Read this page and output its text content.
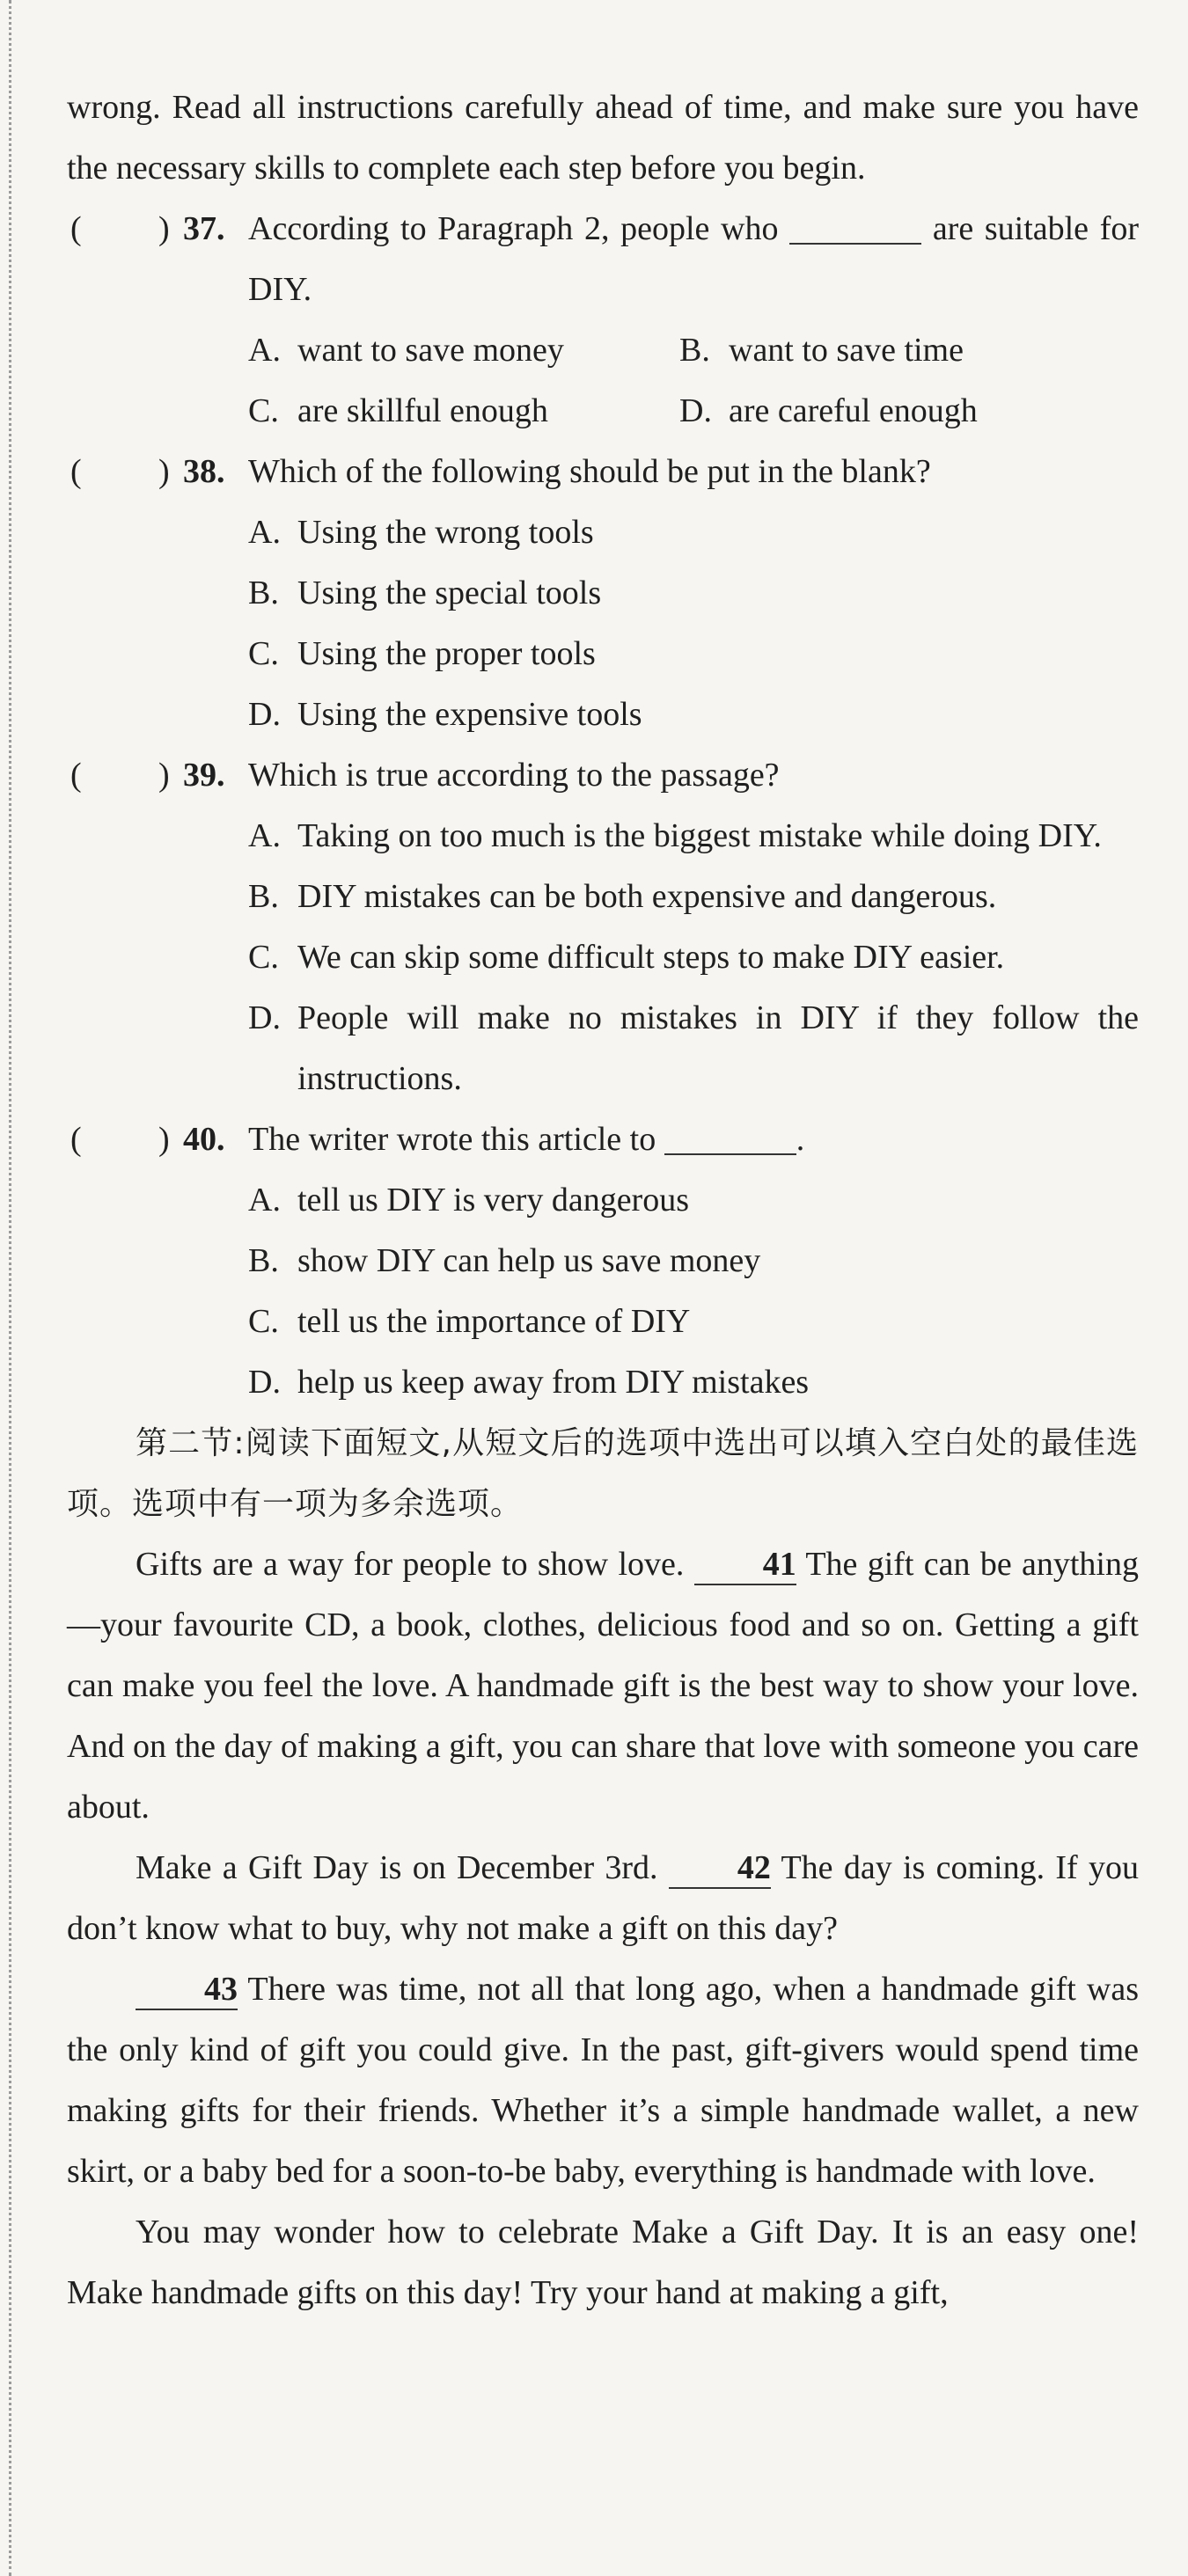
wrong. Read all instructions carefully ahead of time, and make sure you have the necessary skills to complete each step before you begin.

( ) 37. According to Paragraph 2, people who	are suitable for DIY.
A. want to save money	B. want to save time
C. are skillful enough	D. are careful enough
( ) 38. Which of the following should be put in the blank?
A. Using the wrong tools
B. Using the special tools
C. Using the proper tools
D. Using the expensive tools
( ) 39. Which is true according to the passage?
A. Taking on too much is the biggest mistake while doing DIY.
B. DIY mistakes can be both expensive and dangerous.
C. We can skip some difficult steps to make DIY easier.
D. People will make no mistakes in DIY if they follow the instructions.
( ) 40. The writer wrote this article to	.
A. tell us DIY is very dangerous
B. show DIY can help us save money
C. tell us the importance of DIY
D. help us keep away from DIY mistakes

第二节:阅读下面短文,从短文后的选项中选出可以填入空白处的最佳选项。选项中有一项为多余选项。

Gifts are a way for people to show love. 41 The gift can be anything—your favourite CD, a book, clothes, delicious food and so on. Getting a gift can make you feel the love. A handmade gift is the best way to show your love. And on the day of making a gift, you can share that love with someone you care about.

Make a Gift Day is on December 3rd. 42 The day is coming. If you don’t know what to buy, why not make a gift on this day?

43 There was time, not all that long ago, when a handmade gift was the only kind of gift you could give. In the past, gift-givers would spend time making gifts for their friends. Whether it’s a simple handmade wallet, a new skirt, or a baby bed for a soon-to-be baby, everything is handmade with love.

You may wonder how to celebrate Make a Gift Day. It is an easy one! Make handmade gifts on this day! Try your hand at making a gift,
